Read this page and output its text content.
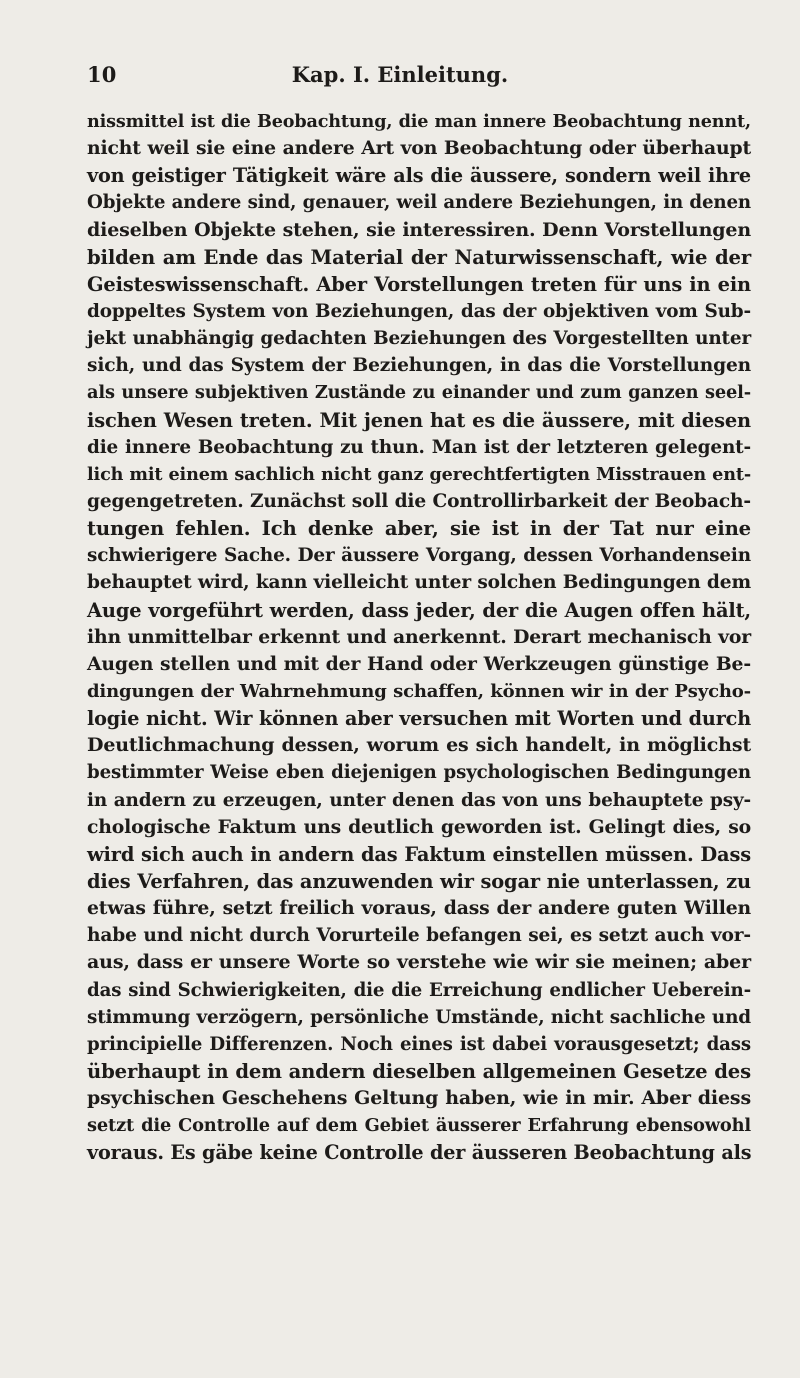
10	Kap. I. Einleitung.
nissmittel ist die Beobachtung, die man innere Beobachtung nennt,
nicht weil sie eine andere Art von Beobachtung oder überhaupt
von geistiger Tätigkeit wäre als die äussere, sondern weil ihre
Objekte andere sind, genauer, weil andere Beziehungen, in denen
dieselben Objekte stehen, sie interessiren. Denn Vorstellungen
bilden am Ende das Material der Naturwissenschaft, wie der
Geisteswissenschaft. Aber Vorstellungen treten für uns in ein
doppeltes System von Beziehungen, das der objektiven vom Sub-
jekt unabhängig gedachten Beziehungen des Vorgestellten unter
sich, und das System der Beziehungen, in das die Vorstellungen
als unsere subjektiven Zustände zu einander und zum ganzen seel-
ischen Wesen treten. Mit jenen hat es die äussere, mit diesen
die innere Beobachtung zu thun. Man ist der letzteren gelegent-
lich mit einem sachlich nicht ganz gerechtfertigten Misstrauen ent-
gegengetreten. Zunächst soll die Controllirbarkeit der Beobach-
tungen fehlen. Ich denke aber, sie ist in der Tat nur eine
schwierigere Sache. Der äussere Vorgang, dessen Vorhandensein
behauptet wird, kann vielleicht unter solchen Bedingungen dem
Auge vorgeführt werden, dass jeder, der die Augen offen hält,
ihn unmittelbar erkennt und anerkennt. Derart mechanisch vor
Augen stellen und mit der Hand oder Werkzeugen günstige Be-
dingungen der Wahrnehmung schaffen, können wir in der Psycho-
logie nicht. Wir können aber versuchen mit Worten und durch
Deutlichmachung dessen, worum es sich handelt, in möglichst
bestimmter Weise eben diejenigen psychologischen Bedingungen
in andern zu erzeugen, unter denen das von uns behauptete psy-
chologische Faktum uns deutlich geworden ist. Gelingt dies, so
wird sich auch in andern das Faktum einstellen müssen. Dass
dies Verfahren, das anzuwenden wir sogar nie unterlassen, zu
etwas führe, setzt freilich voraus, dass der andere guten Willen
habe und nicht durch Vorurteile befangen sei, es setzt auch vor-
aus, dass er unsere Worte so verstehe wie wir sie meinen; aber
das sind Schwierigkeiten, die die Erreichung endlicher Ueberein-
stimmung verzögern, persönliche Umstände, nicht sachliche und
principielle Differenzen. Noch eines ist dabei vorausgesetzt; dass
überhaupt in dem andern dieselben allgemeinen Gesetze des
psychischen Geschehens Geltung haben, wie in mir. Aber diess
setzt die Controlle auf dem Gebiet äusserer Erfahrung ebensowohl
voraus. Es gäbe keine Controlle der äusseren Beobachtung als
